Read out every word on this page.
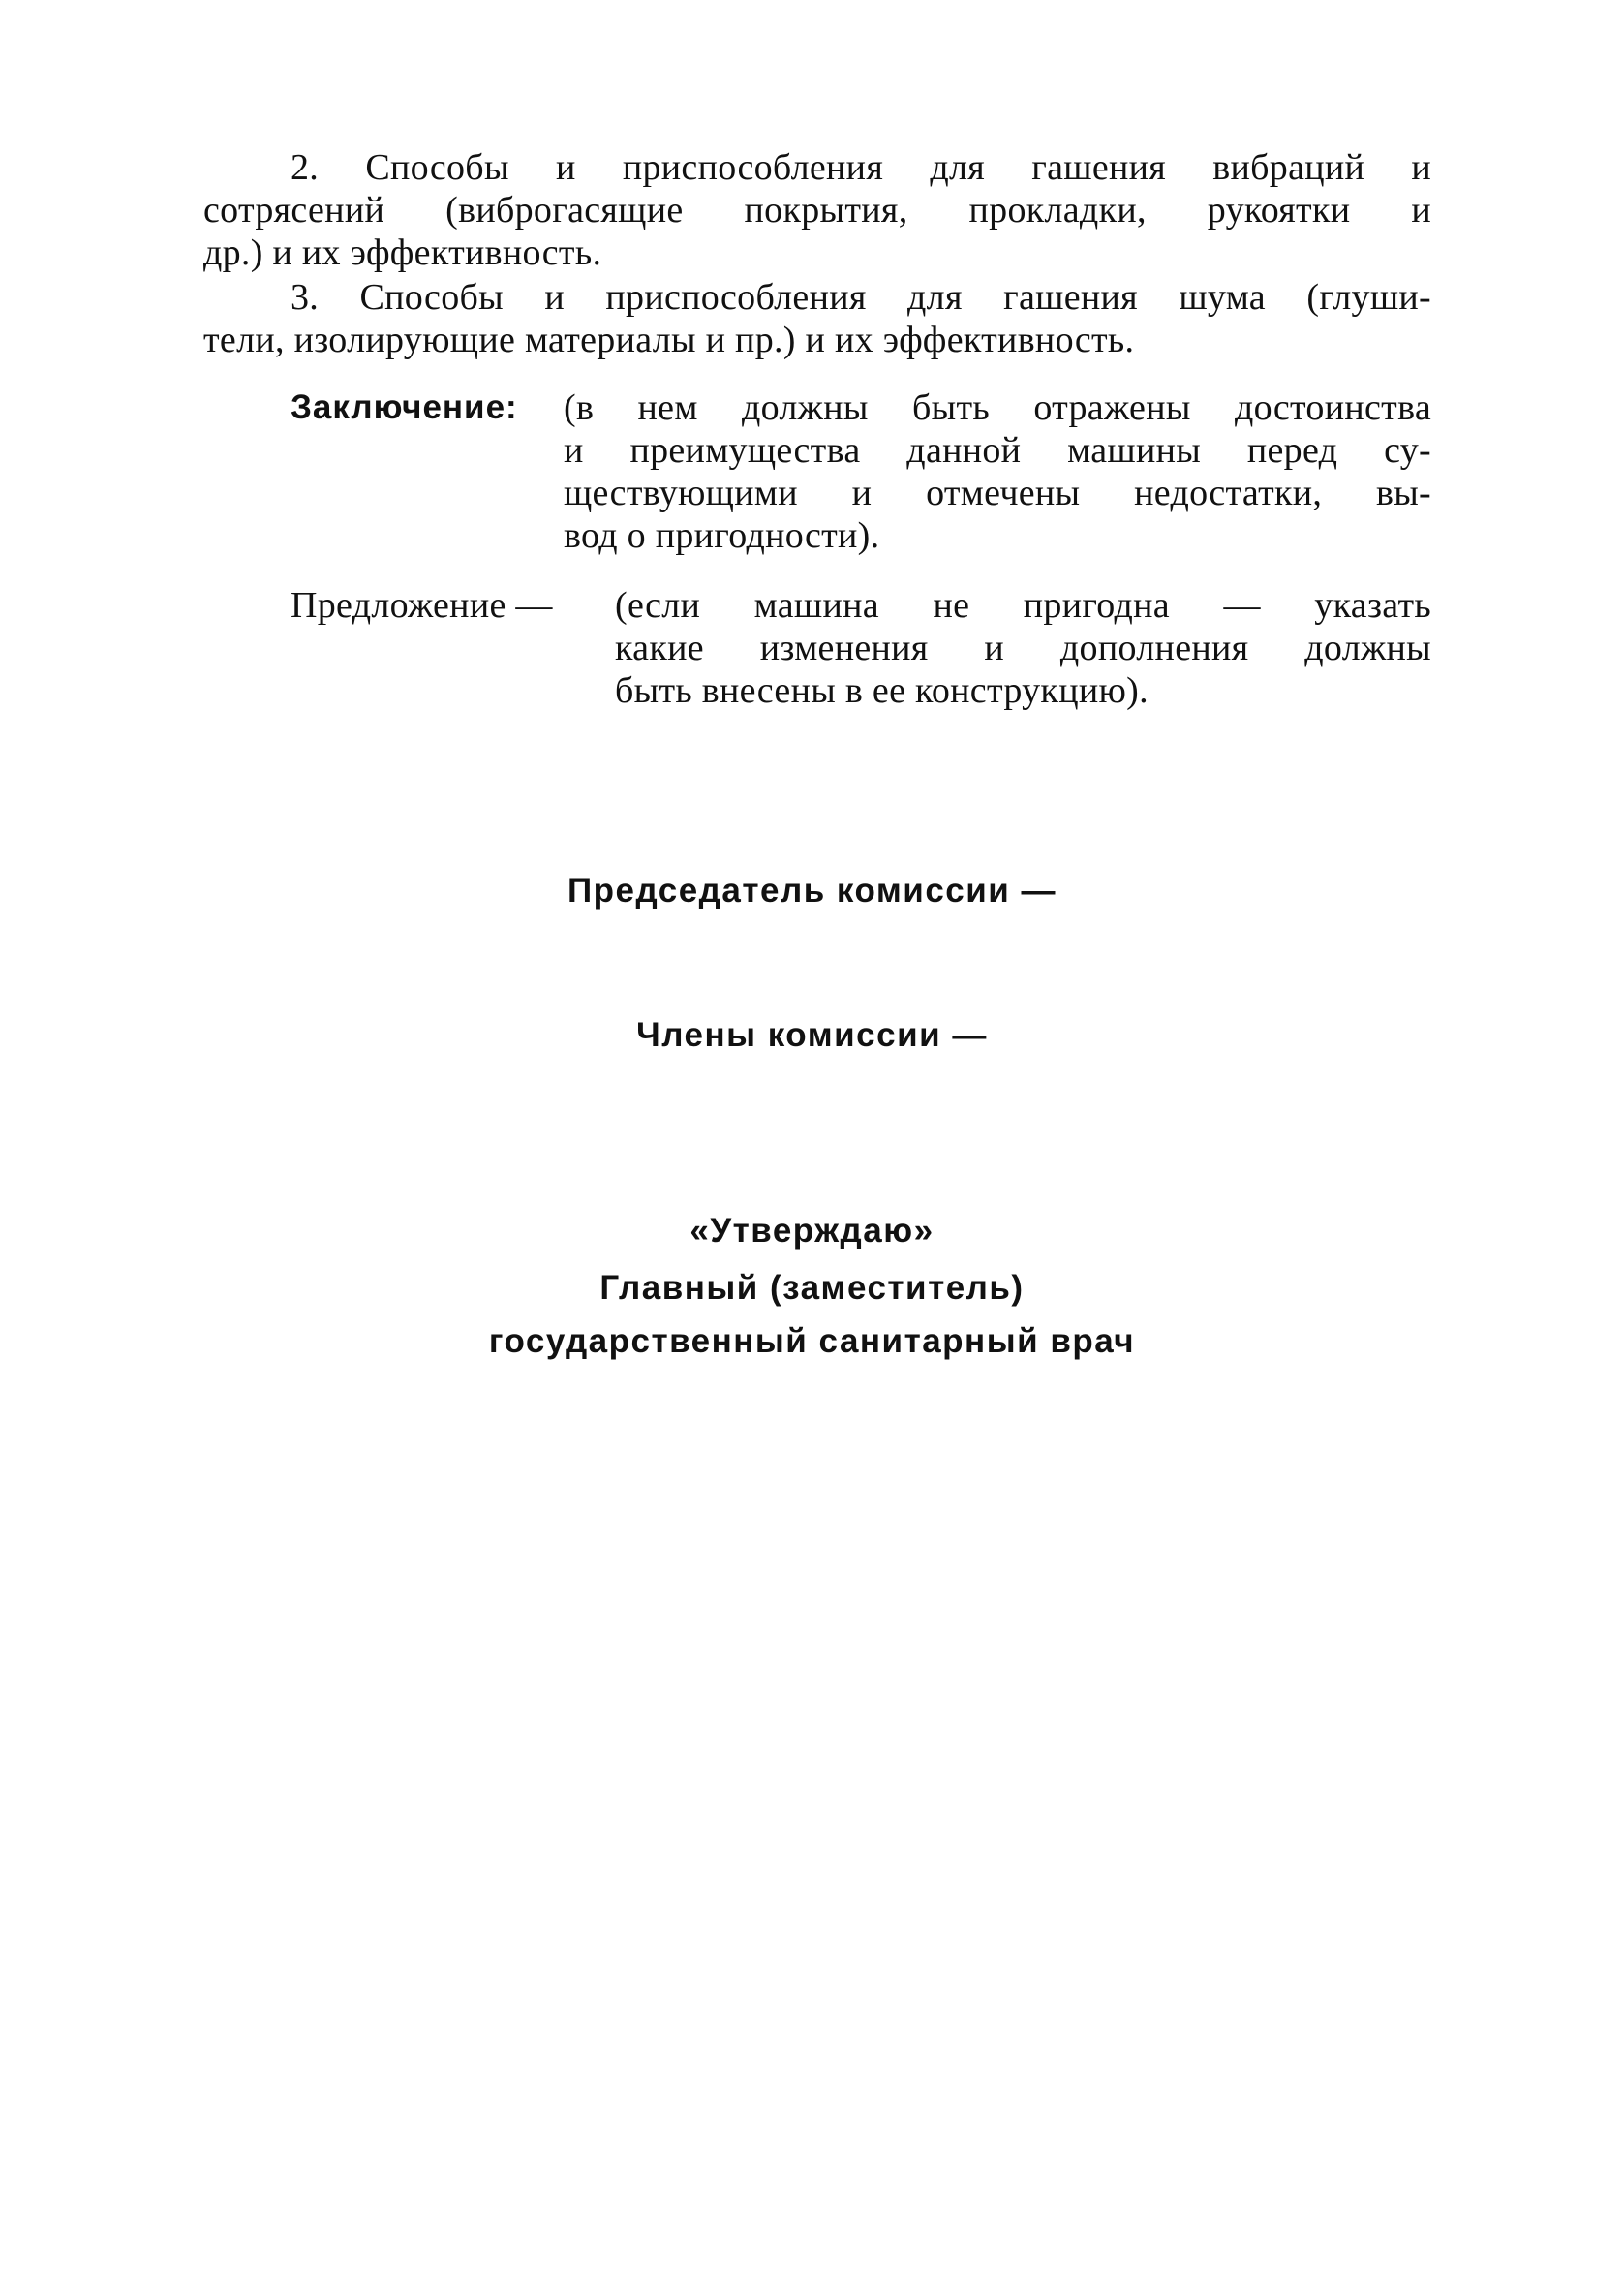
2. Способы и приспособления для гашения вибраций и
сотрясений (виброгасящие покрытия, прокладки, рукоятки и
др.) и их эффективность.
3. Способы и приспособления для гашения шума (глуши-
тели, изолирующие материалы и пр.) и их эффективность.
Заключение: (в нем должны быть отражены достоинства
и преимущества данной машины перед су-
ществующими и отмечены недостатки, вы-
вод о пригодности).
Предложение — (если машина не пригодна — указать
какие изменения и дополнения должны
быть внесены в ее конструкцию).
Председатель комиссии —
Члены комиссии —
«Утверждаю»
Главный (заместитель)
государственный санитарный врач
